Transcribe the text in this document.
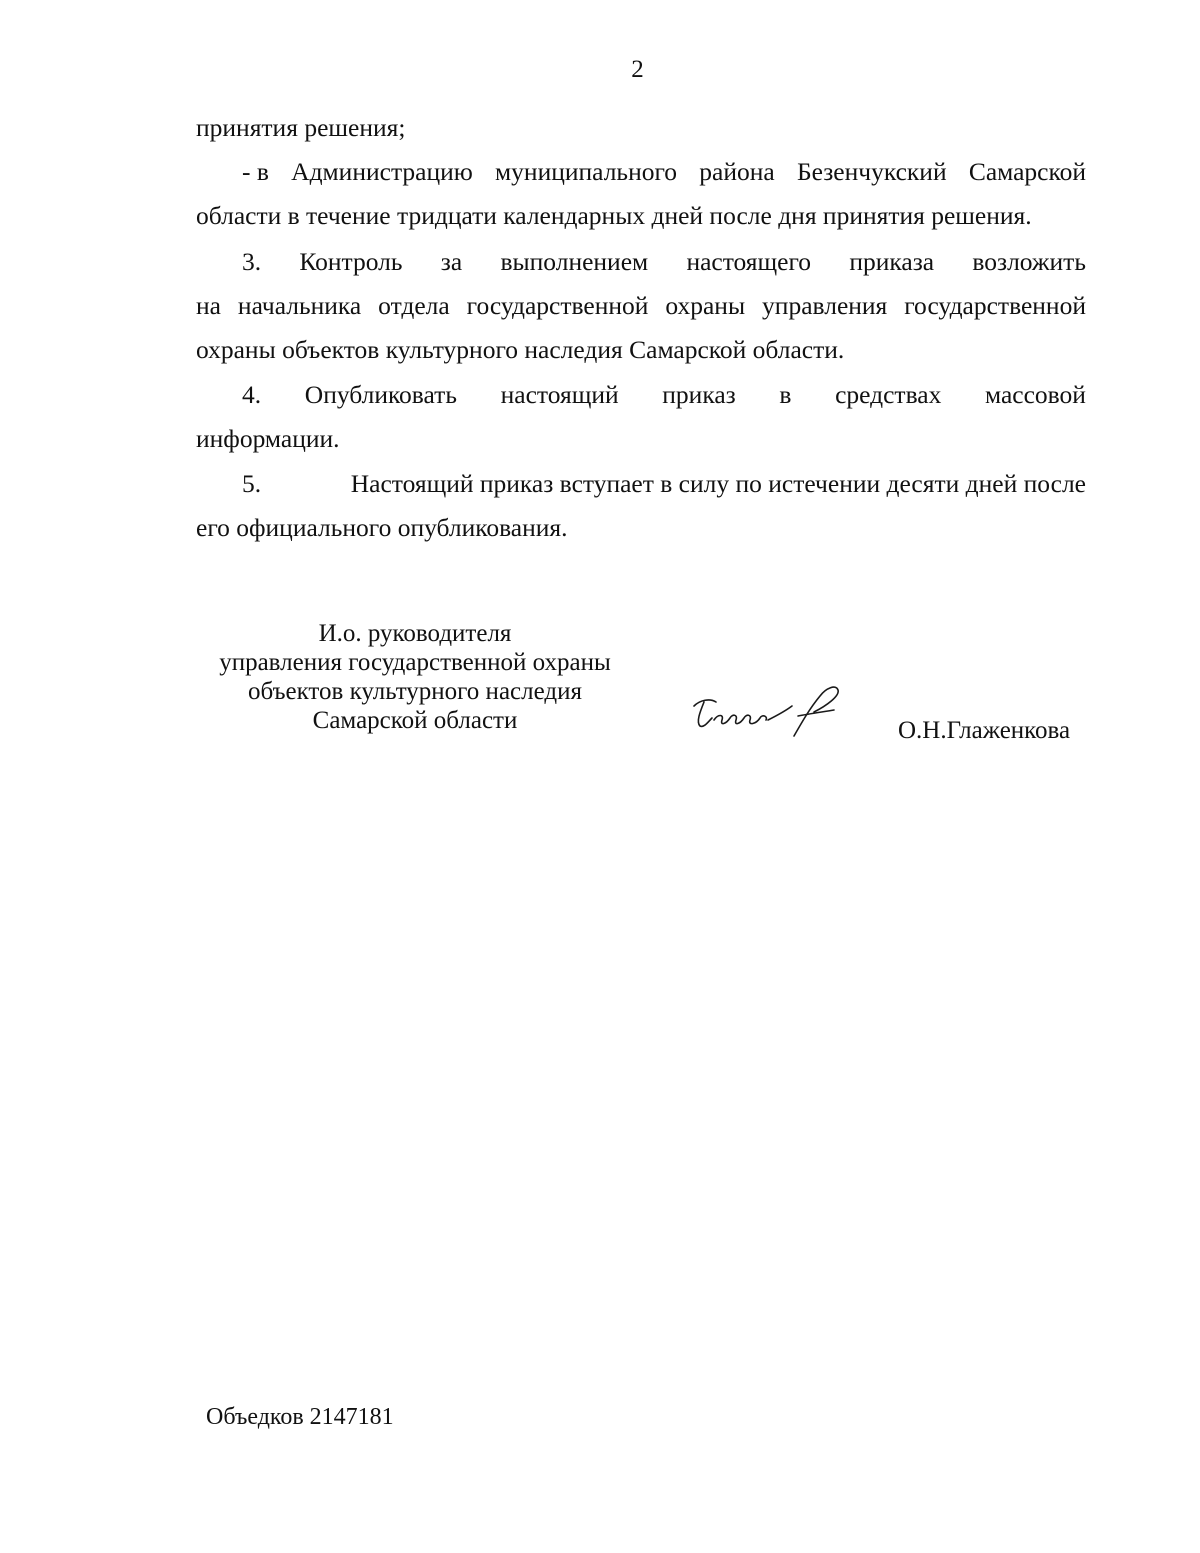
2
принятия решения;
- в Администрацию муниципального района Безенчукский Самарской
области в течение тридцати календарных дней после дня принятия решения.
3. Контроль за выполнением настоящего приказа возложить
на начальника отдела государственной охраны управления государственной
охраны объектов культурного наследия Самарской области.
4. Опубликовать настоящий приказ в средствах массовой
информации.
5.	Настоящий приказ вступает в силу по истечении десяти дней после
его официального опубликования.
И.о. руководителя
управления государственной охраны
объектов культурного наследия
Самарской области	О.Н.Глаженкова
Объедков 2147181
